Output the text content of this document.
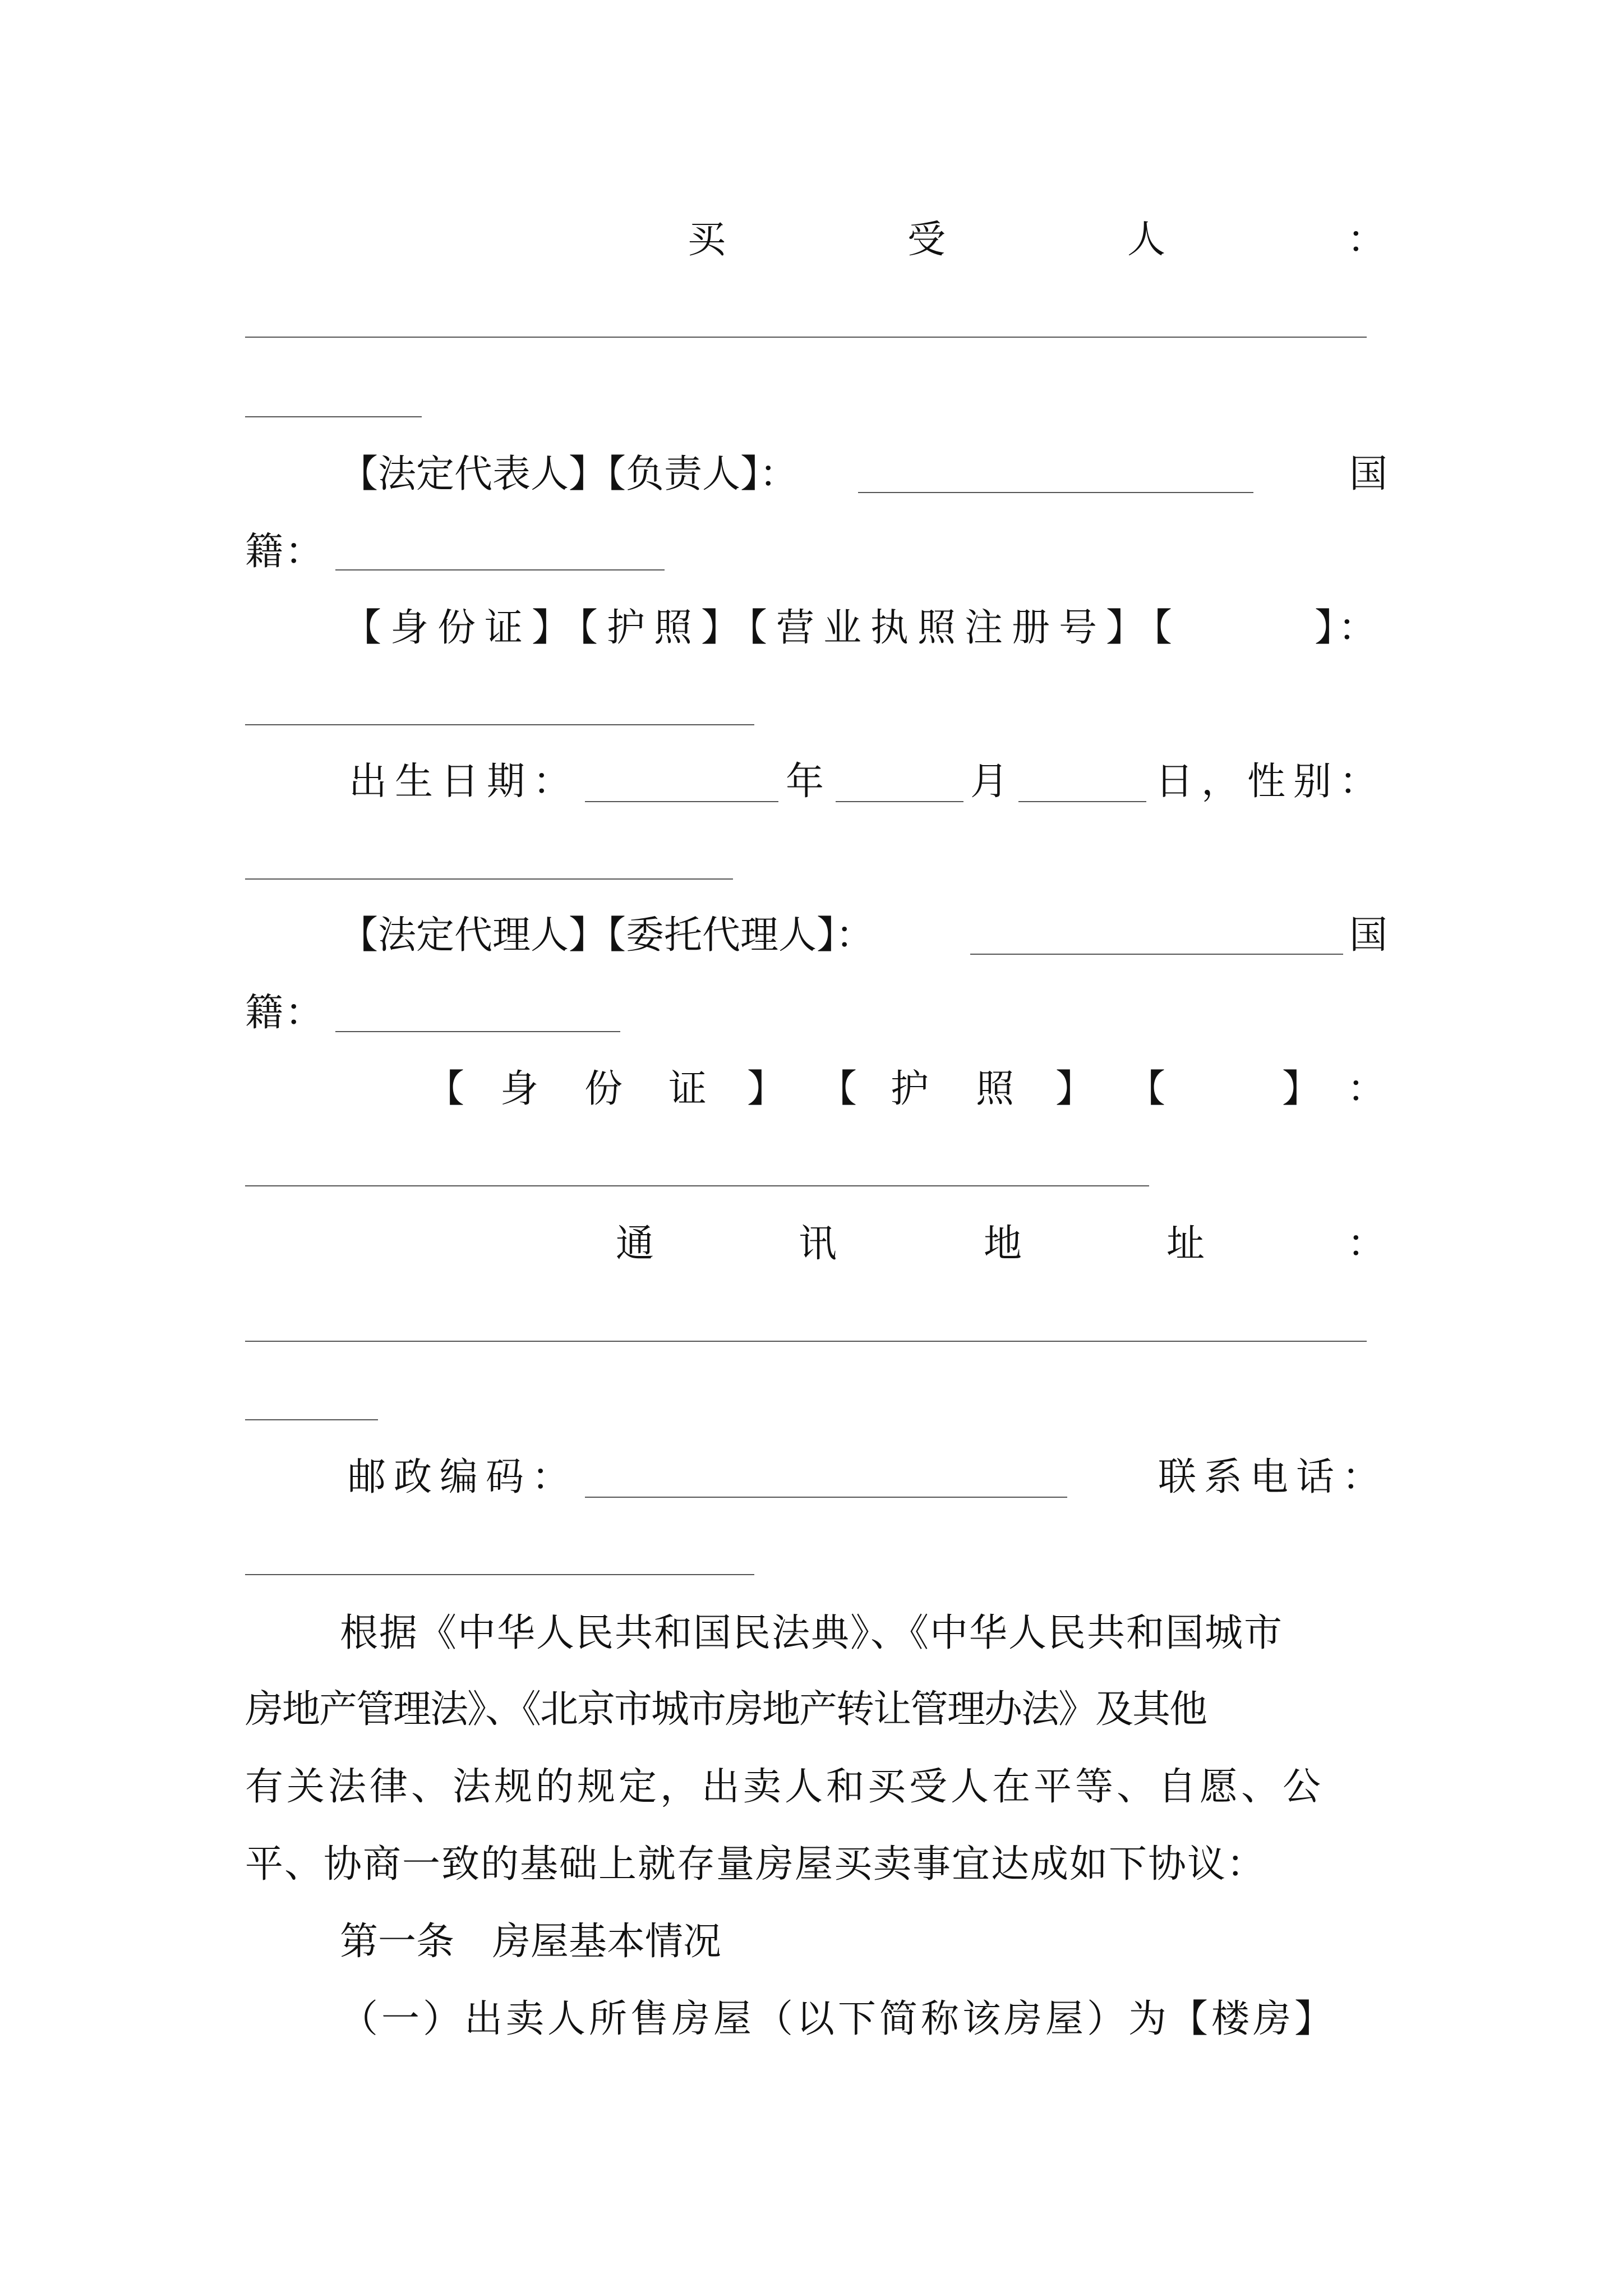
买	受	人	：
【法定代表人】【负责人】：	国
籍 ：
【身份证】【护照】【营业执照注册号】【	】：
出生日期：	年	月	日，性别：
【法定代理人】【委托代理人】：	国
籍 ：
【 身 份 证 】 【 护 照 】 【	】 ：
通	讯	地	址	：
邮政编码：	联系电话：
根据《中华人民共和国民法典》、《中华人民共和国城市
房地产管理法》、《北京市城市房地产转让管理办法》及其他
有关法律、法规的规定，出卖人和买受人在平等、自愿、公
平、协商一致的基础上就存量房屋买卖事宜达成如下协议：
第一条　房屋基本情况
（一）出卖人所售房屋（以下简称该房屋）为【楼房】
